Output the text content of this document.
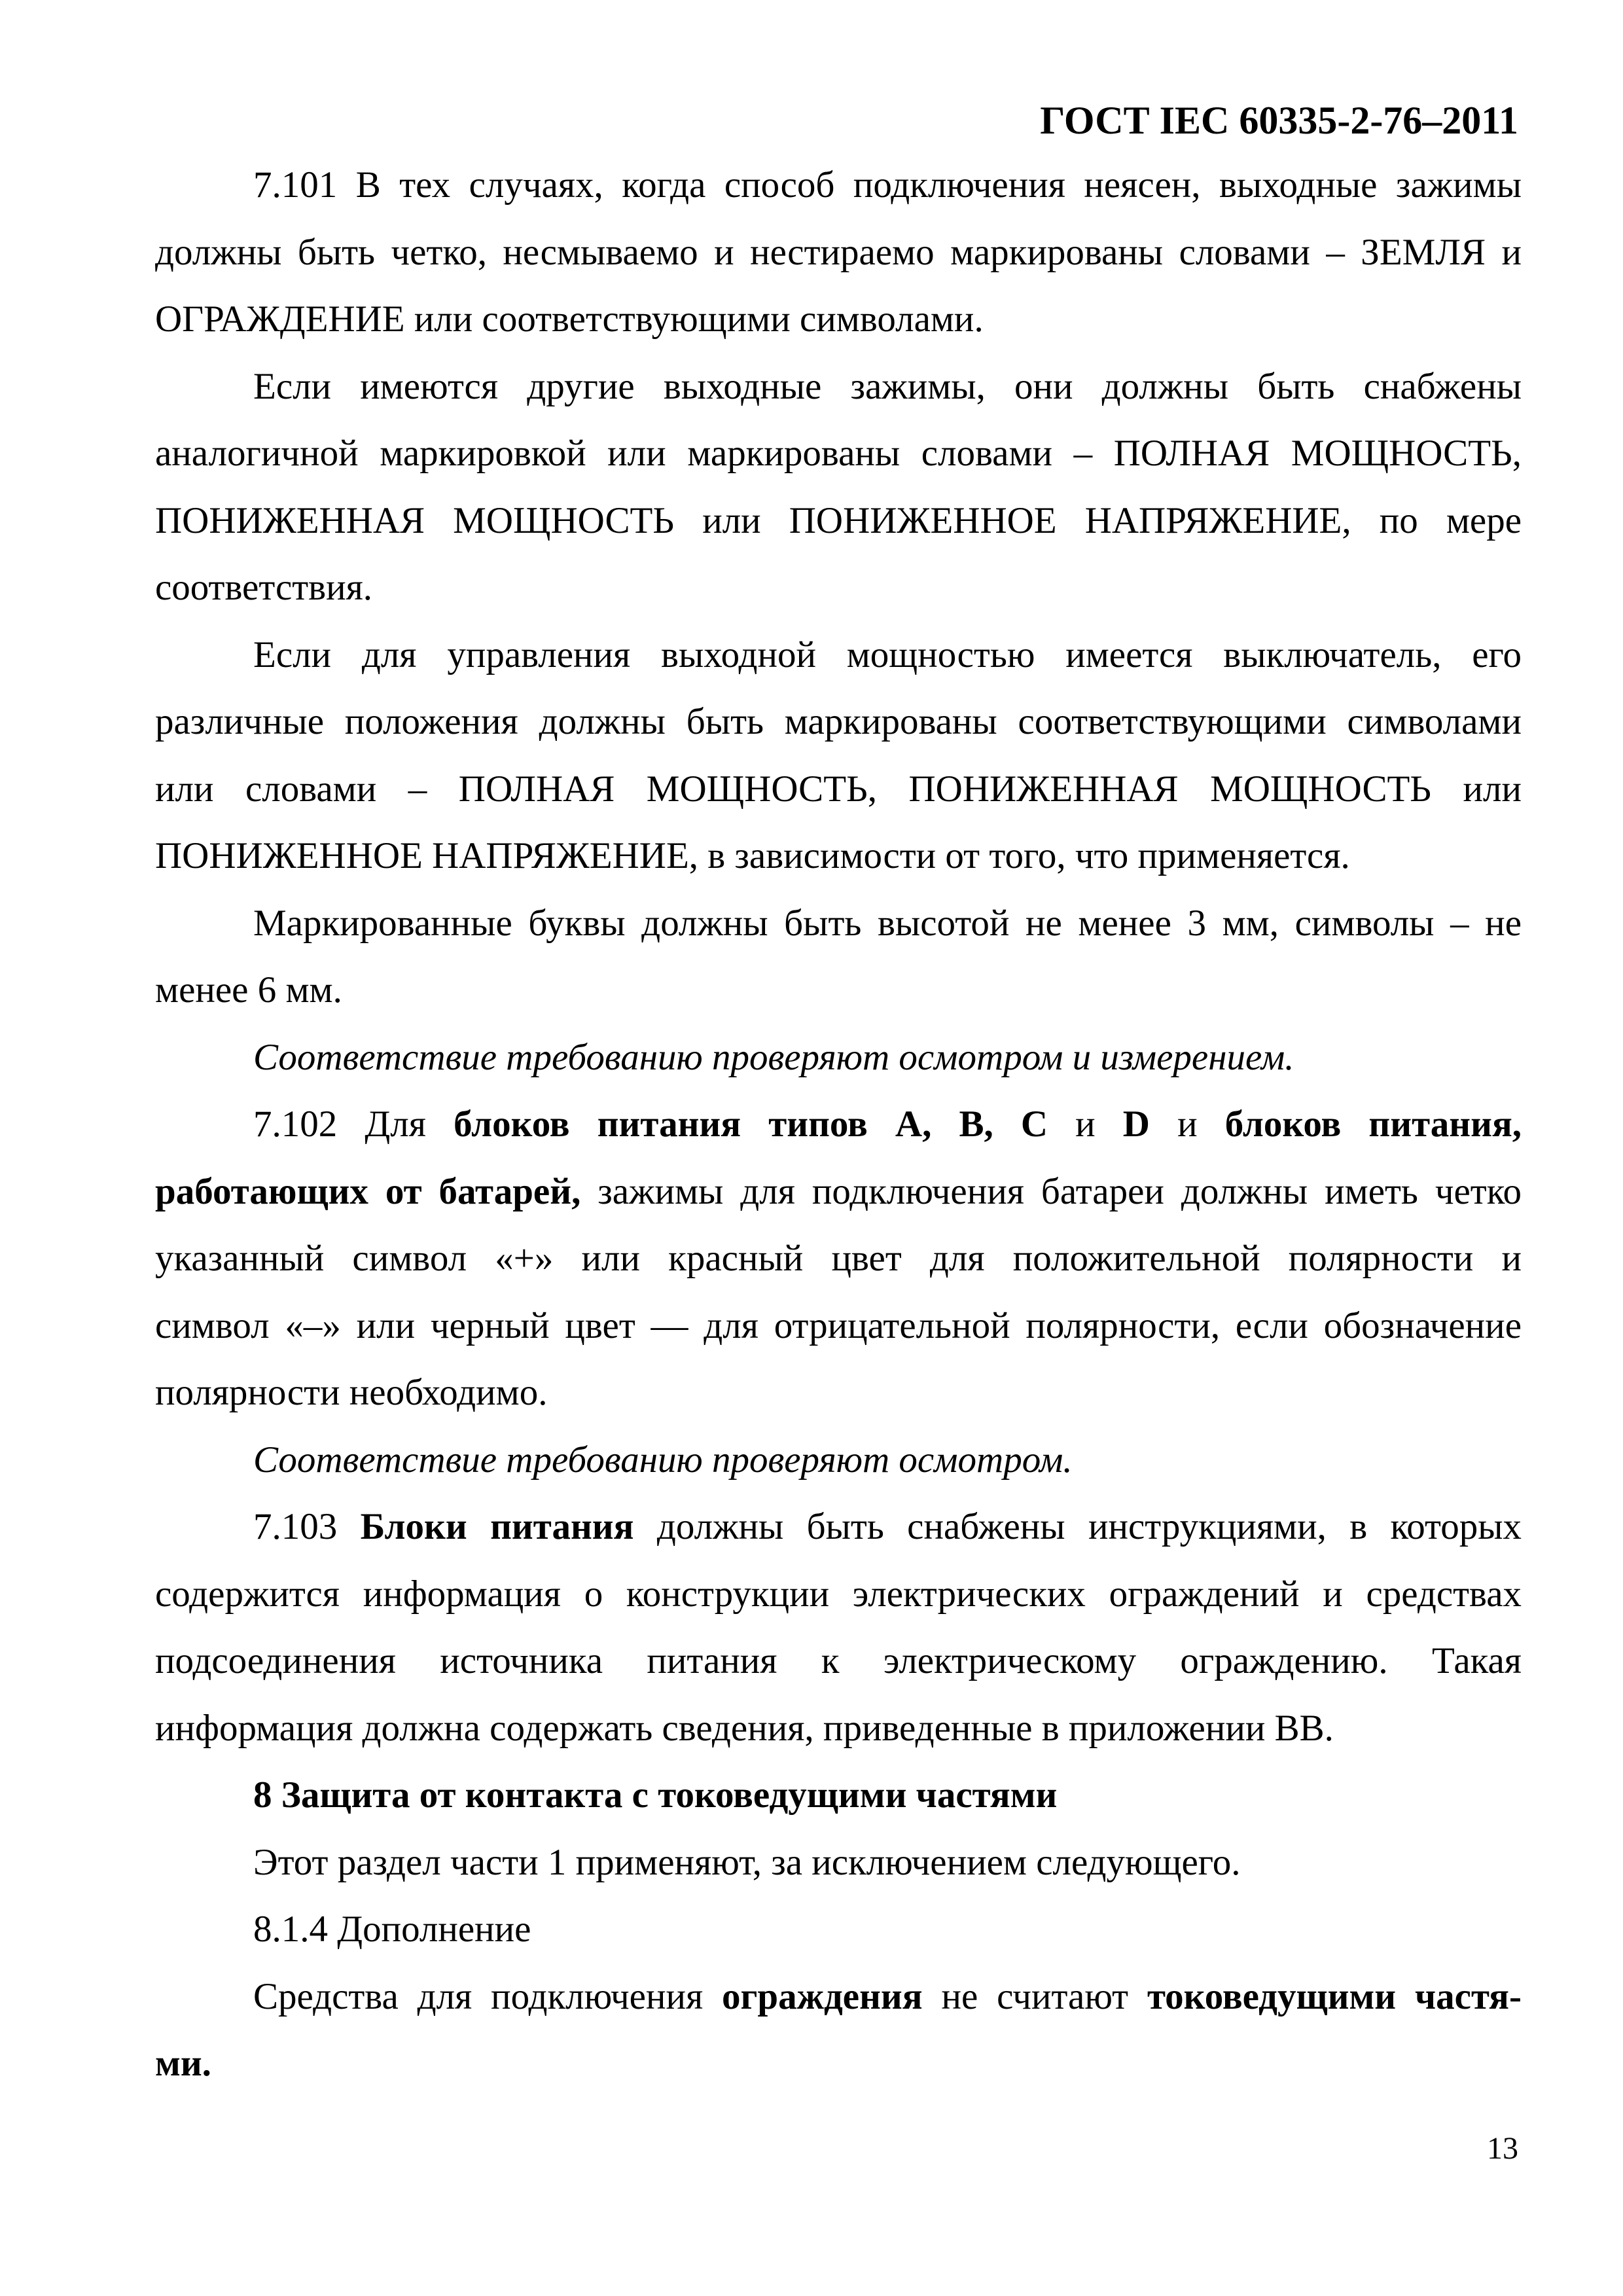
ГОСТ IEC 60335-2-76–2011
7.101 В тех случаях, когда способ подключения неясен, выходные зажимы
должны быть четко, несмываемо и нестираемо маркированы словами – ЗЕМЛЯ и
ОГРАЖДЕНИЕ или соответствующими символами.
Если имеются другие выходные зажимы, они должны быть снабжены
аналогичной маркировкой или маркированы словами – ПОЛНАЯ МОЩНОСТЬ,
ПОНИЖЕННАЯ МОЩНОСТЬ или ПОНИЖЕННОЕ НАПРЯЖЕНИЕ, по мере
соответствия.
Если для управления выходной мощностью имеется выключатель, его
различные положения должны быть маркированы соответствующими символами
или словами – ПОЛНАЯ МОЩНОСТЬ, ПОНИЖЕННАЯ МОЩНОСТЬ или
ПОНИЖЕННОЕ НАПРЯЖЕНИЕ, в зависимости от того, что применяется.
Маркированные буквы должны быть высотой не менее 3 мм, символы – не
менее 6 мм.
Соответствие требованию проверяют осмотром и измерением.
7.102 Для блоков питания типов А, В, С и D и блоков питания,
работающих от батарей, зажимы для подключения батареи должны иметь четко
указанный символ «+» или красный цвет для положительной полярности и
символ «–» или черный цвет — для отрицательной полярности, если обозначение
полярности необходимо.
Соответствие требованию проверяют осмотром.
7.103 Блоки питания должны быть снабжены инструкциями, в которых
содержится информация о конструкции электрических ограждений и средствах
подсоединения источника питания к электрическому ограждению. Такая
информация должна содержать сведения, приведенные в приложении ВВ.
8 Защита от контакта с токоведущими частями
Этот раздел части 1 применяют, за исключением следующего.
8.1.4 Дополнение
Средства для подключения ограждения не считают токоведущими частя-
ми.
13
